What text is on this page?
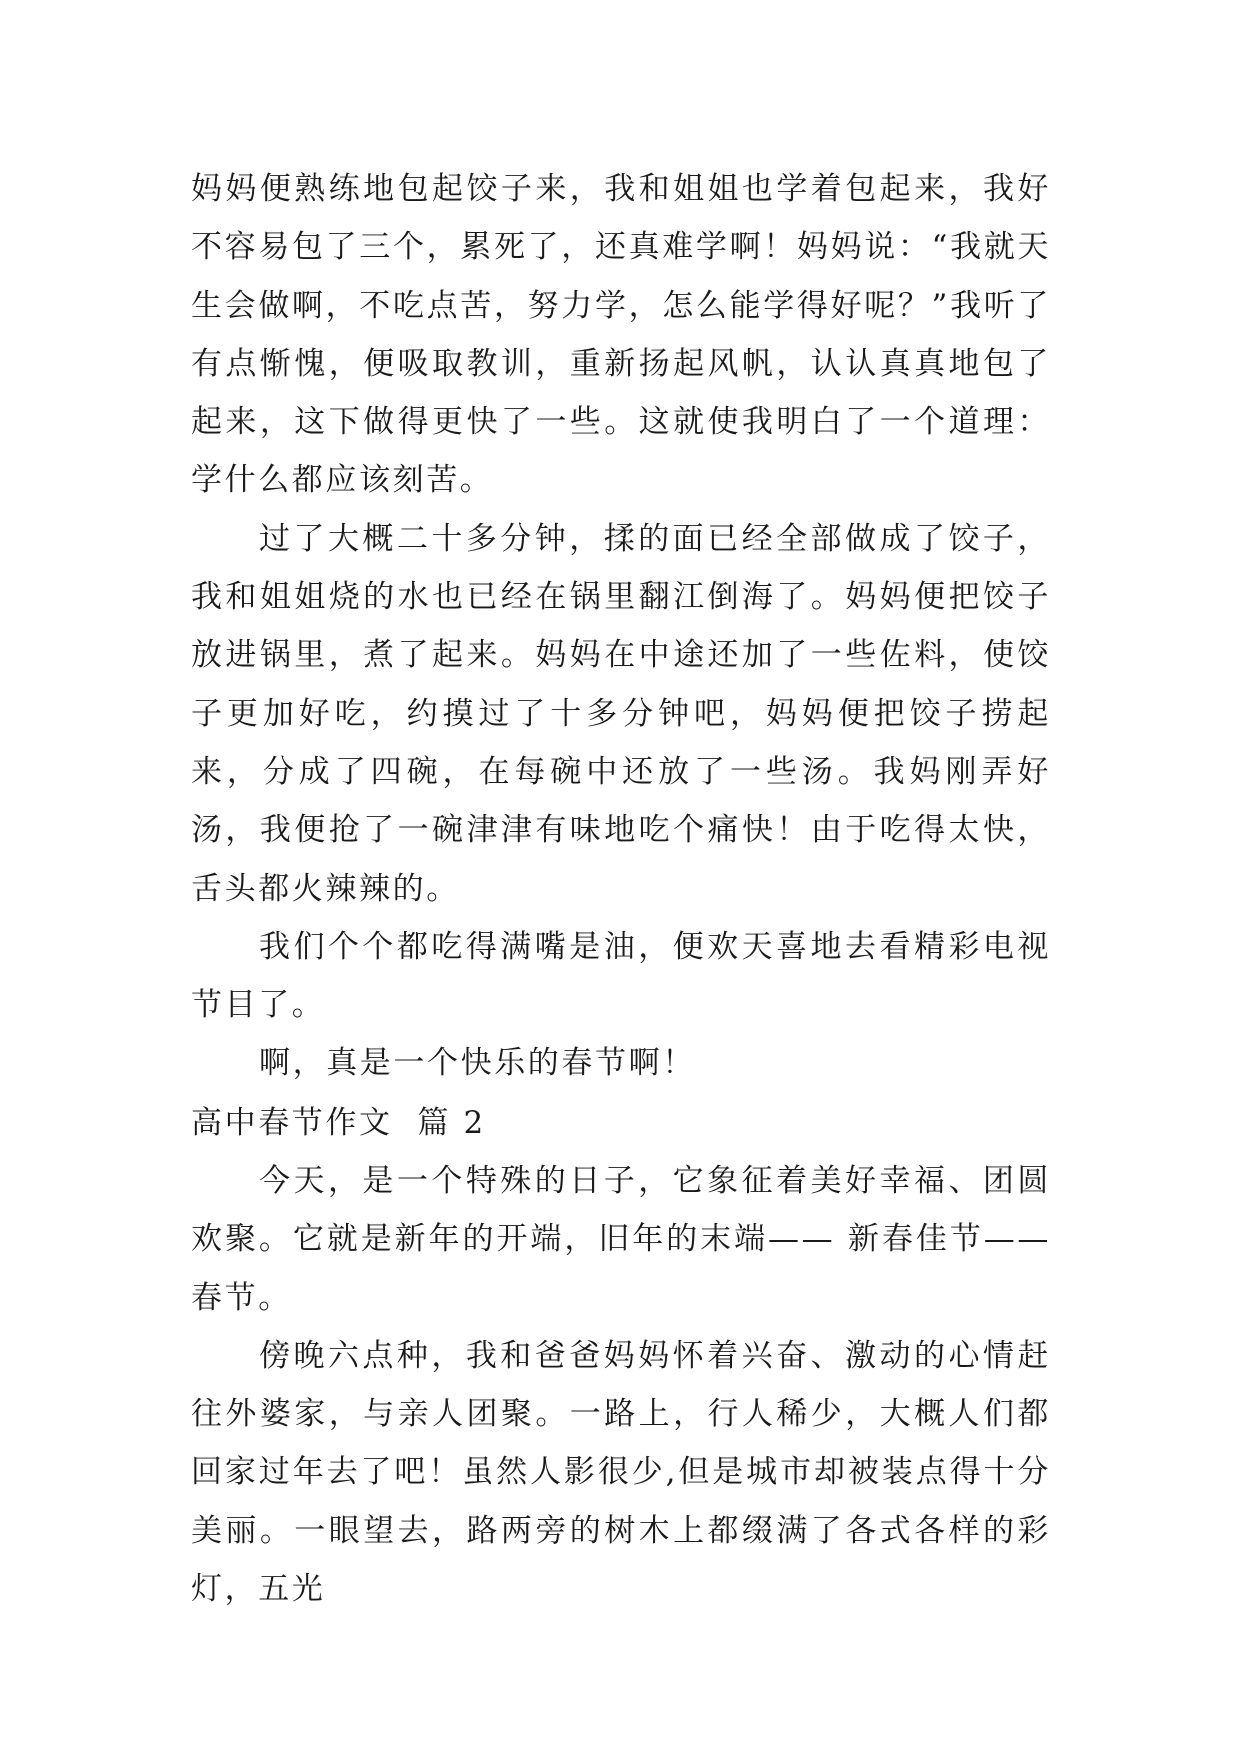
妈妈便熟练地包起饺子来，我和姐姐也学着包起来，我好不容易包了三个，累死了，还真难学啊！妈妈说：“我就天生会做啊，不吃点苦，努力学，怎么能学得好呢？”我听了有点惭愧，便吸取教训，重新扬起风帆，认认真真地包了起来，这下做得更快了一些。这就使我明白了一个道理：学什么都应该刻苦。

过了大概二十多分钟，揉的面已经全部做成了饺子，我和姐姐烧的水也已经在锅里翻江倒海了。妈妈便把饺子放进锅里，煮了起来。妈妈在中途还加了一些佐料，使饺子更加好吃，约摸过了十多分钟吧，妈妈便把饺子捞起来，分成了四碗，在每碗中还放了一些汤。我妈刚弄好汤，我便抢了一碗津津有味地吃个痛快！由于吃得太快，舌头都火辣辣的。

我们个个都吃得满嘴是油，便欢天喜地去看精彩电视节目了。

啊，真是一个快乐的春节啊！

高中春节作文  篇 2

今天，是一个特殊的日子，它象征着美好幸福、团圆欢聚。它就是新年的开端，旧年的末端—— 新春佳节——春节。

傍晚六点种，我和爸爸妈妈怀着兴奋、激动的心情赶往外婆家，与亲人团聚。一路上，行人稀少，大概人们都回家过年去了吧！虽然人影很少,但是城市却被装点得十分美丽。一眼望去，路两旁的树木上都缀满了各式各样的彩灯，五光
